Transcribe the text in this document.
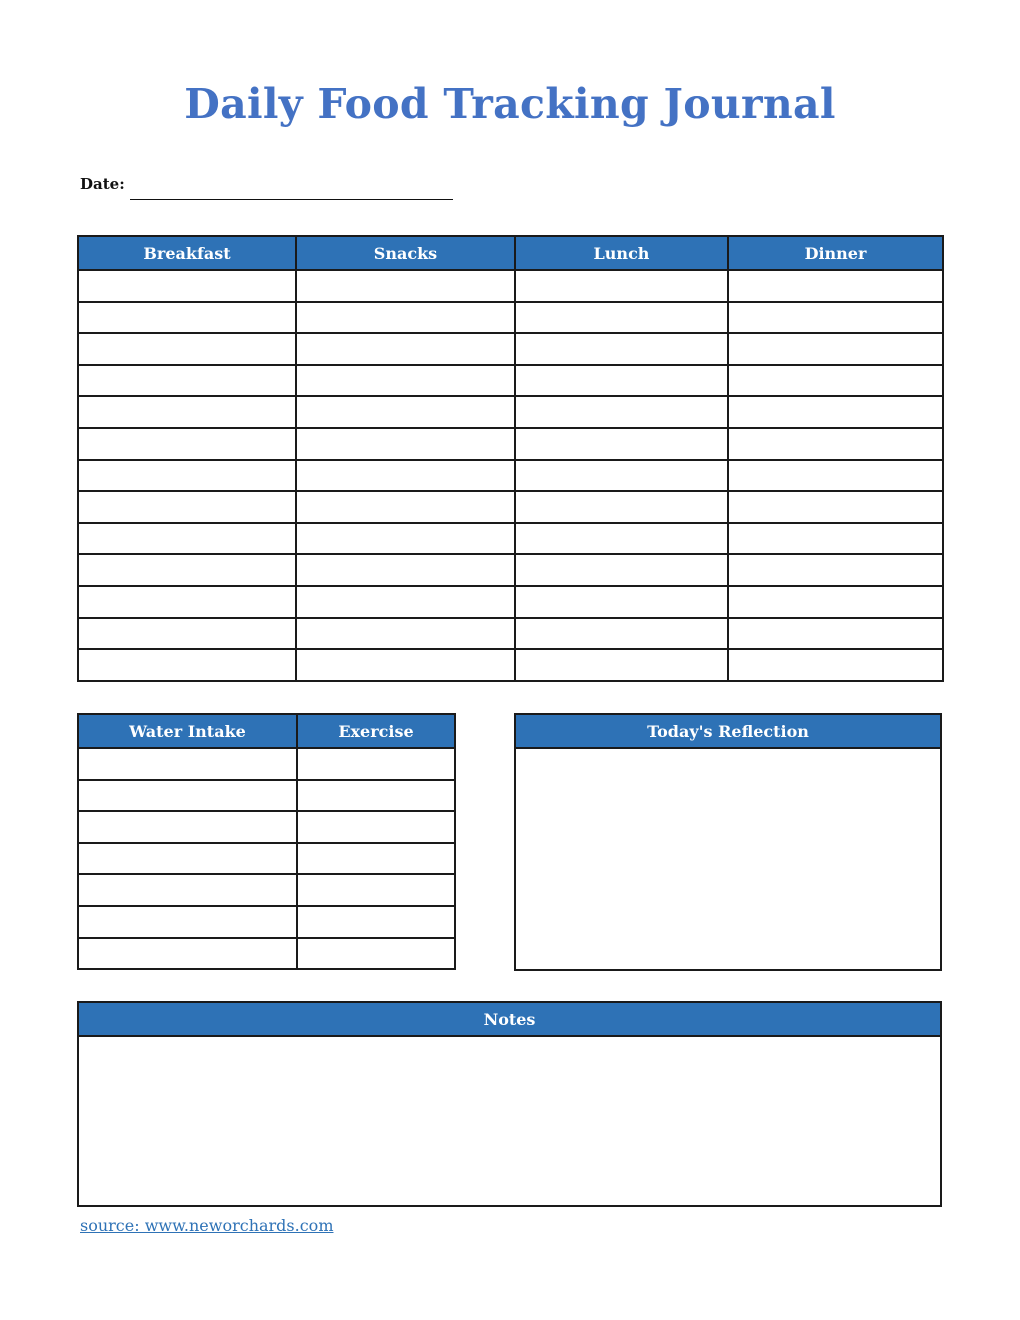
Daily Food Tracking Journal
Date:
Breakfast	Snacks	Lunch	Dinner

Water Intake	Exercise

		Today's Reflection

Notes

source: www.neworchards.com
